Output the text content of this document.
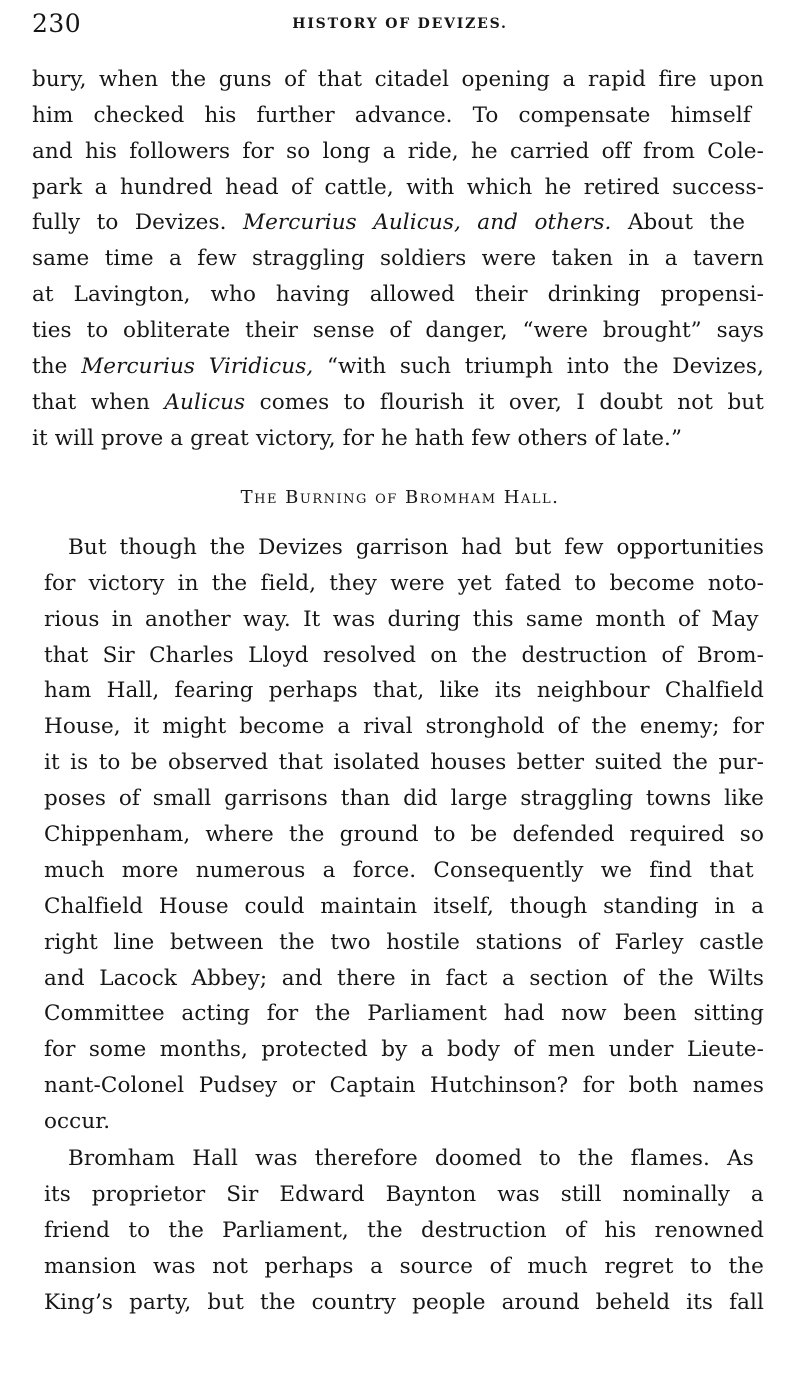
230	HISTORY OF DEVIZES.
bury, when the guns of that citadel opening a rapid fire upon
him checked his further advance. To compensate himself
and his followers for so long a ride, he carried off from Cole-
park a hundred head of cattle, with which he retired success-
fully to Devizes. Mercurius Aulicus, and others. About the
same time a few straggling soldiers were taken in a tavern
at Lavington, who having allowed their drinking propensi-
ties to obliterate their sense of danger, “were brought” says
the Mercurius Viridicus, “with such triumph into the Devizes,
that when Aulicus comes to flourish it over, I doubt not but
it will prove a great victory, for he hath few others of late.”
The Burning of Bromham Hall.
But though the Devizes garrison had but few opportunities
for victory in the field, they were yet fated to become noto-
rious in another way. It was during this same month of May
that Sir Charles Lloyd resolved on the destruction of Brom-
ham Hall, fearing perhaps that, like its neighbour Chalfield
House, it might become a rival stronghold of the enemy; for
it is to be observed that isolated houses better suited the pur-
poses of small garrisons than did large straggling towns like
Chippenham, where the ground to be defended required so
much more numerous a force. Consequently we find that
Chalfield House could maintain itself, though standing in a
right line between the two hostile stations of Farley castle
and Lacock Abbey; and there in fact a section of the Wilts
Committee acting for the Parliament had now been sitting
for some months, protected by a body of men under Lieute-
nant-Colonel Pudsey or Captain Hutchinson? for both names
occur.
Bromham Hall was therefore doomed to the flames. As
its proprietor Sir Edward Baynton was still nominally a
friend to the Parliament, the destruction of his renowned
mansion was not perhaps a source of much regret to the
King’s party, but the country people around beheld its fall
